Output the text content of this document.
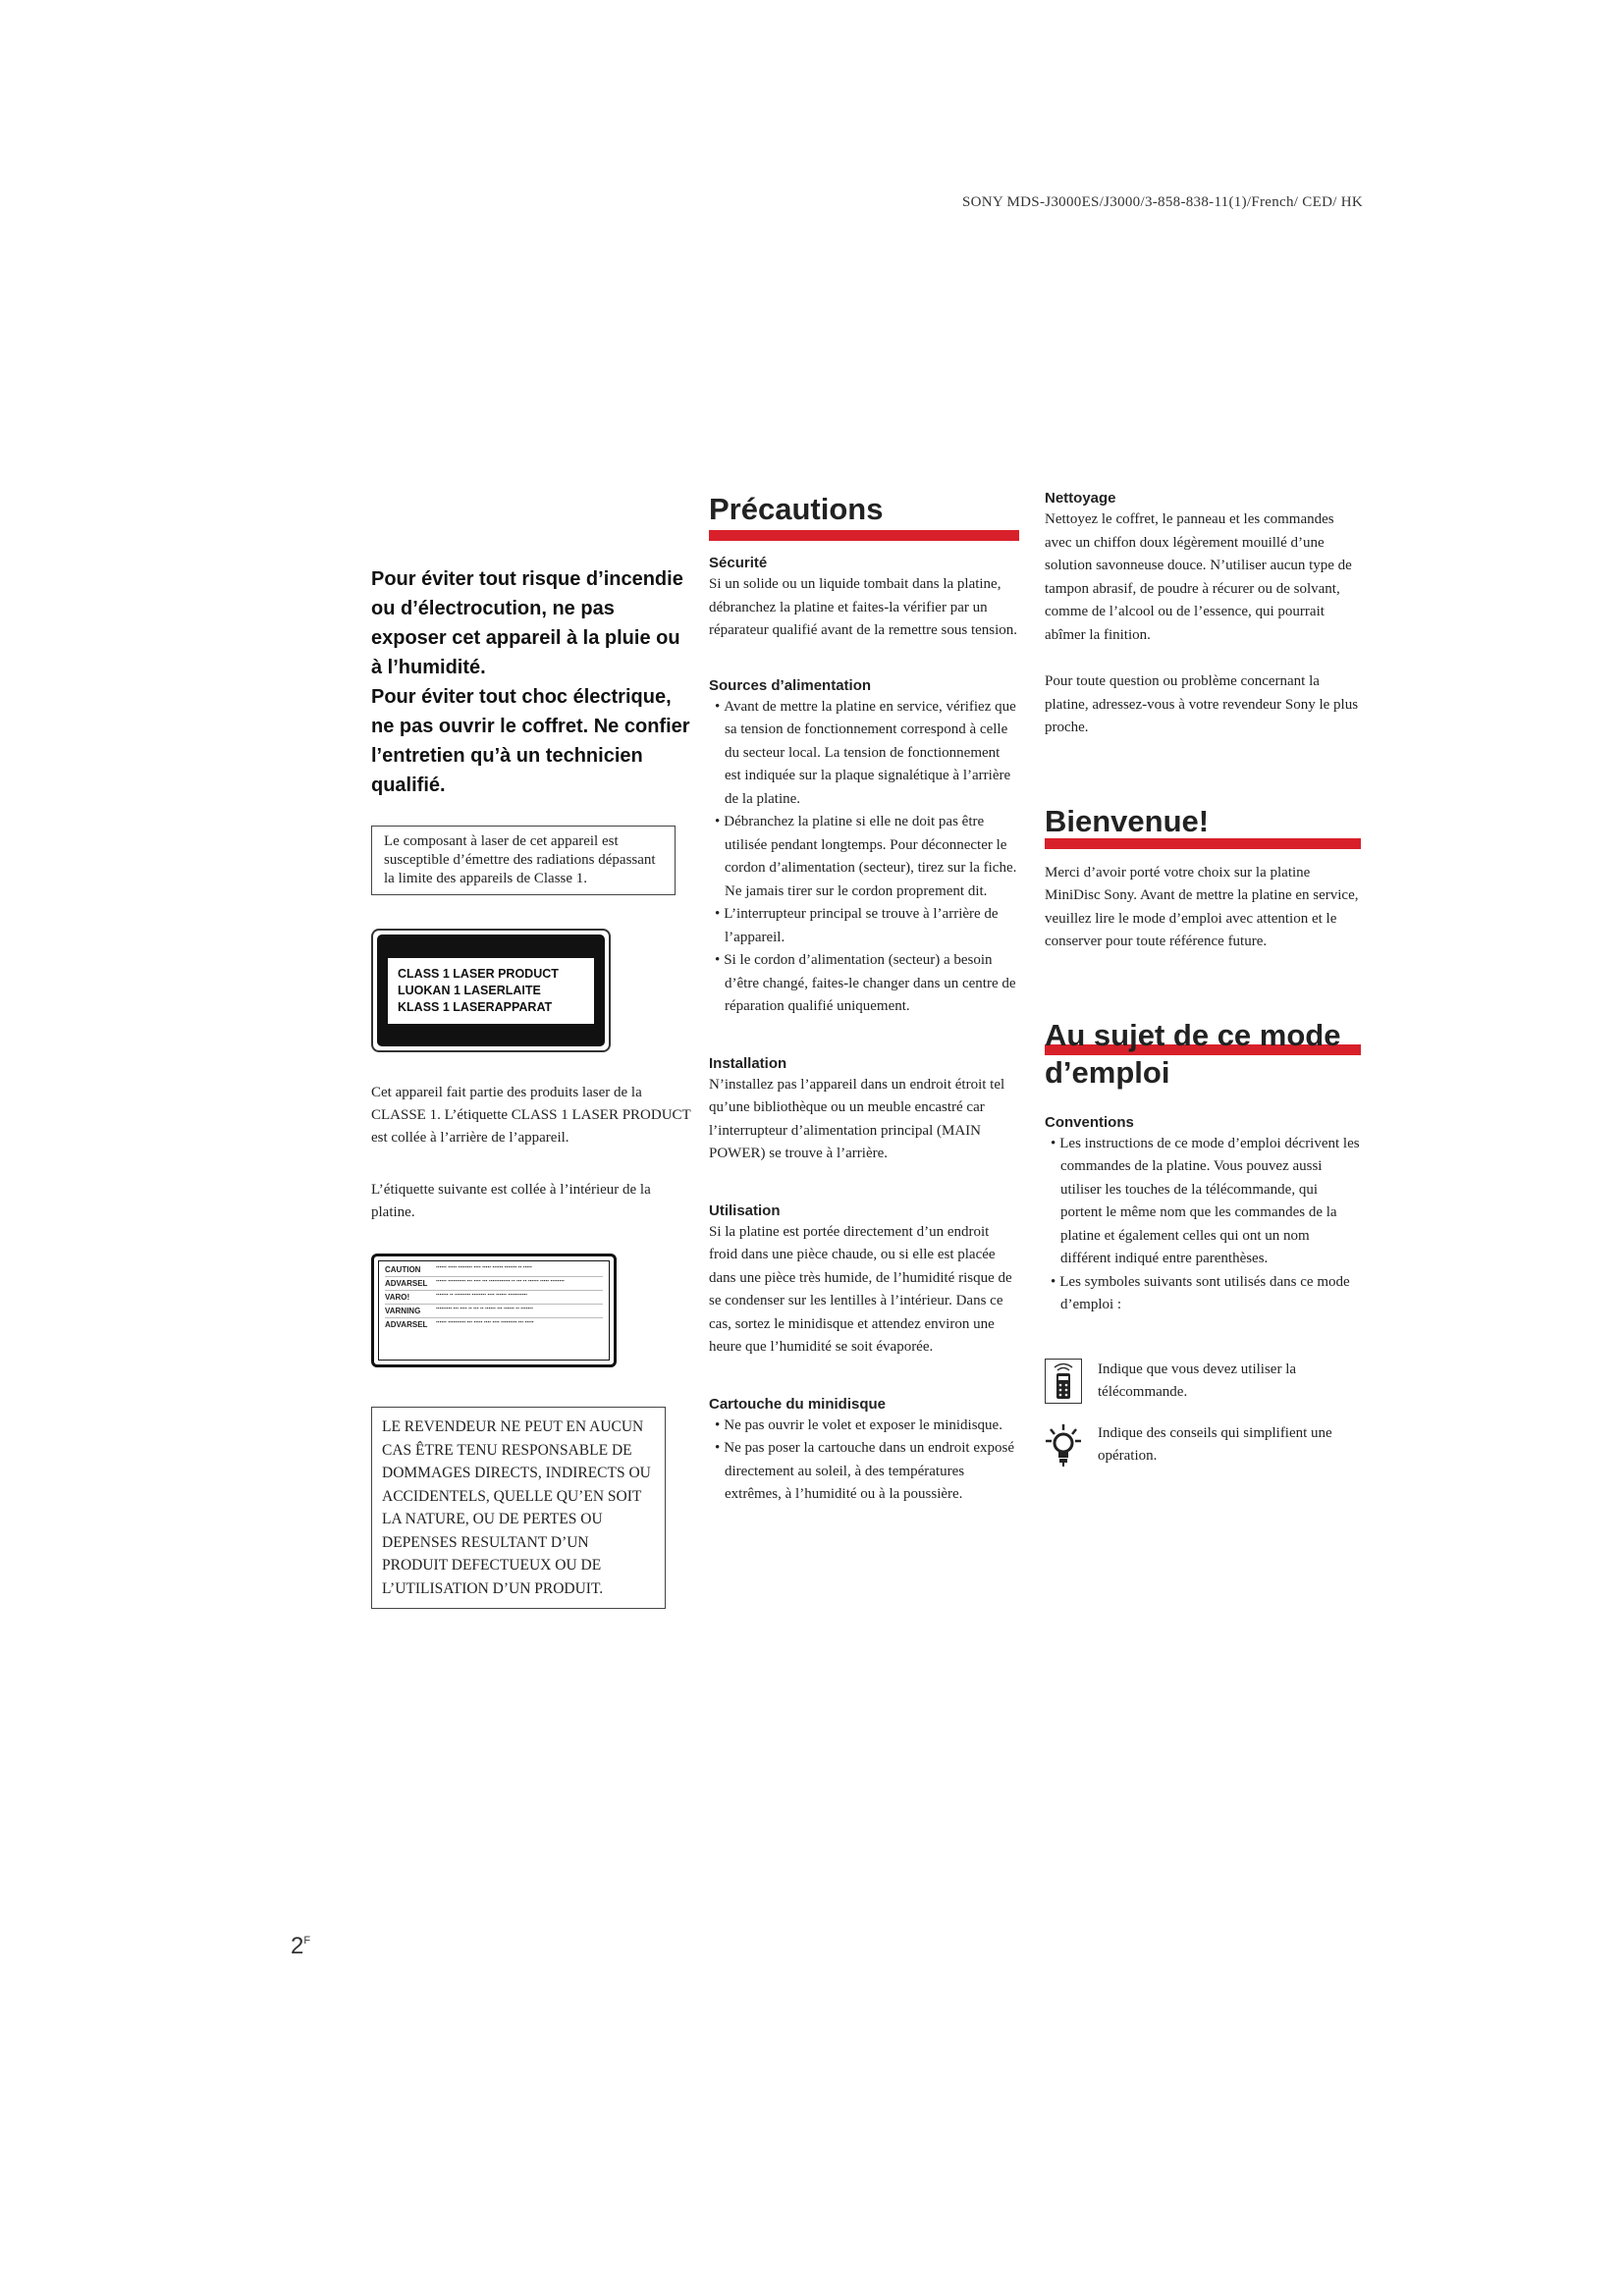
SONY MDS-J3000ES/J3000/3-858-838-11(1)/French/ CED/ HK

Pour éviter tout risque d’incendie ou d’électrocution, ne pas exposer cet appareil à la pluie ou à l’humidité.

Pour éviter tout choc électrique, ne pas ouvrir le coffret. Ne confier l’entretien qu’à un technicien qualifié.

Le composant à laser de cet appareil est susceptible d’émettre des radiations dépassant la limite des appareils de Classe 1.
CLASS 1 LASER PRODUCT
LUOKAN 1 LASERLAITE
KLASS 1 LASERAPPARAT

Cet appareil fait partie des produits laser de la CLASSE 1. L’étiquette CLASS 1 LASER PRODUCT est collée à l’arrière de l’appareil.

L’étiquette suivante est collée à l’intérieur de la platine.

CAUTION	▪▪▪▪▪▪ ▪▪▪▪▪ ▪▪▪▪▪▪▪▪ ▪▪▪▪ ▪▪▪▪▪ ▪▪▪▪▪▪ ▪▪▪▪▪▪▪ ▪▪ ▪▪▪▪▪
ADVARSEL	▪▪▪▪▪▪ ▪▪▪▪▪▪▪▪▪▪ ▪▪▪ ▪▪▪▪ ▪▪▪ ▪▪▪▪▪▪▪▪▪▪▪▪ ▪▪ ▪▪▪ ▪▪ ▪▪▪▪▪▪ ▪▪▪▪▪ ▪▪▪▪▪▪▪▪
VARO!	▪▪▪▪▪▪▪ ▪▪ ▪▪▪▪▪▪▪▪▪ ▪▪▪▪▪▪▪▪ ▪▪▪▪ ▪▪▪▪▪▪ ▪▪▪▪▪▪▪▪▪▪▪
VARNING	▪▪▪▪▪▪▪▪▪ ▪▪▪ ▪▪▪▪ ▪▪ ▪▪▪ ▪▪ ▪▪▪▪▪▪ ▪▪▪ ▪▪▪▪▪▪ ▪▪ ▪▪▪▪▪▪▪
ADVARSEL	▪▪▪▪▪▪ ▪▪▪▪▪▪▪▪▪▪ ▪▪▪ ▪▪▪▪▪ ▪▪▪▪ ▪▪▪▪ ▪▪▪▪▪▪▪▪▪ ▪▪▪ ▪▪▪▪▪
LE REVENDEUR NE PEUT EN AUCUN CAS ÊTRE TENU RESPONSABLE DE DOMMAGES DIRECTS, INDIRECTS OU ACCIDENTELS, QUELLE QU’EN SOIT LA NATURE, OU DE PERTES OU DEPENSES RESULTANT D’UN PRODUIT DEFECTUEUX OU DE L’UTILISATION D’UN PRODUIT.
Précautions

Sécurité

Si un solide ou un liquide tombait dans la platine, débranchez la platine et faites-la vérifier par un réparateur qualifié avant de la remettre sous tension.

Sources d’alimentation

• Avant de mettre la platine en service, vérifiez que sa tension de fonctionnement correspond à celle du secteur local. La tension de fonctionnement est indiquée sur la plaque signalétique à l’arrière de la platine.
• Débranchez la platine si elle ne doit pas être utilisée pendant longtemps. Pour déconnecter le cordon d’alimentation (secteur), tirez sur la fiche. Ne jamais tirer sur le cordon proprement dit.
• L’interrupteur principal se trouve à l’arrière de l’appareil.
• Si le cordon d’alimentation (secteur) a besoin d’être changé, faites-le changer dans un centre de réparation qualifié uniquement.

Installation

N’installez pas l’appareil dans un endroit étroit tel qu’une bibliothèque ou un meuble encastré car l’interrupteur d’alimentation principal (MAIN POWER) se trouve à l’arrière.

Utilisation

Si la platine est portée directement d’un endroit froid dans une pièce chaude, ou si elle est placée dans une pièce très humide, de l’humidité risque de se condenser sur les lentilles à l’intérieur. Dans ce cas, sortez le minidisque et attendez environ une heure que l’humidité se soit évaporée.

Cartouche du minidisque

• Ne pas ouvrir le volet et exposer le minidisque.
• Ne pas poser la cartouche dans un endroit exposé directement au soleil, à des températures extrêmes, à l’humidité ou à la poussière.

Nettoyage

Nettoyez le coffret, le panneau et les commandes avec un chiffon doux légèrement mouillé d’une solution savonneuse douce. N’utiliser aucun type de tampon abrasif, de poudre à récurer ou de solvant, comme de l’alcool ou de l’essence, qui pourrait abîmer la finition.

Pour toute question ou problème concernant la platine, adressez-vous à votre revendeur Sony le plus proche.

Bienvenue!

Merci d’avoir porté votre choix sur la platine MiniDisc Sony. Avant de mettre la platine en service, veuillez lire le mode d’emploi avec attention et le conserver pour toute référence future.

Au sujet de ce mode
d’emploi

Conventions

• Les instructions de ce mode d’emploi décrivent les commandes de la platine. Vous pouvez aussi utiliser les touches de la télécommande, qui portent le même nom que les commandes de la platine et également celles qui ont un nom différent indiqué entre parenthèses.
• Les symboles suivants sont utilisés dans ce mode d’emploi :
Indique que vous devez utiliser la télécommande.
Indique des conseils qui simplifient une opération.
$2^F$
